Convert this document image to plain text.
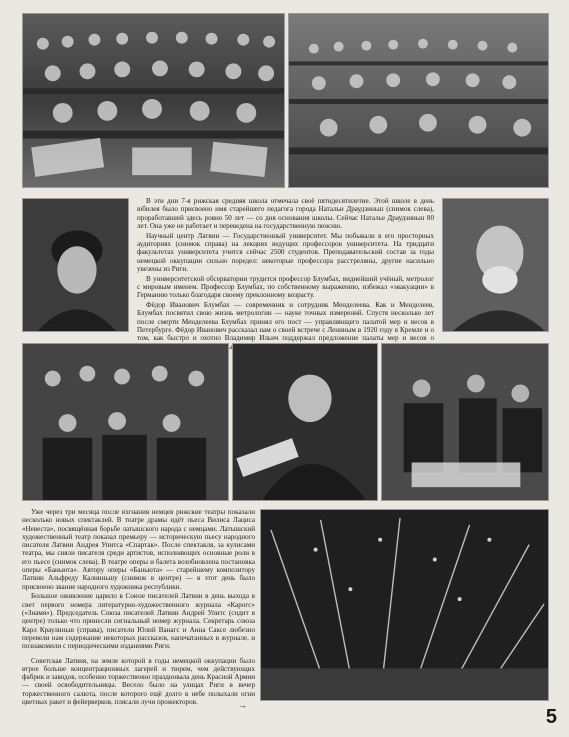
В эти дни 7-я рижская средняя школа отмечала своё пятидесятилетие. Этой школе в день юбилея было присвоено имя старейшего педагога города Натальи Драудзиньш (снимок слева), проработавшей здесь ровно 50 лет — со дня основания школы. Сейчас Наталье Драудзиньш 80 лет. Она уже не работает и переведена на государственную пенсию.

Научный центр Латвии — Государственный университет. Мы побывали в его просторных аудиториях (снимок справа) на лекциях ведущих профессоров университета. На тридцати факультетах университета учится сейчас 2500 студентов. Преподавательский состав за годы немецкой оккупации сильно поредел: некоторые профессора расстреляны, другие насильно увезены из Риги.

В университетской обсерватории трудится профессор Блумбах, виднейший учёный, метролог с мировым именем. Профессор Блумбах, по собственному выражению, избежал «эвакуации» в Германию только благодаря своему преклонному возрасту.

Фёдор Иванович Блумбах — современник и сотрудник Менделеева. Как и Менделеев, Блумбах посвятил свою жизнь метрологии — науке точных измерений. Спустя несколько лет после смерти Менделеева Блумбах принял его пост — управляющего палатой мер и весов в Петербурге. Фёдор Иванович рассказал нам о своей встрече с Лениным в 1920 году в Кремле и о том, как быстро и охотно Владимир Ильич поддержал предложение палаты мер и весов о

Уже через три месяца после изгнания немцев рижские театры показали несколько новых спектаклей. В театре драмы идёт пьеса Вилиса Лациса «Невеста», посвящённая борьбе латышского народа с немцами. Латышский художественный театр показал премьеру — историческую пьесу народного писателя Латвии Андрея Упитса «Спартак». После спектакля, за кулисами театра, мы сняли писателя среди артистов, исполняющих основные роли в его пьесе (снимок слева). В театре оперы и балета возобновлена постановка оперы «Баньюта». Автору оперы «Баньюта» — старейшему композитору Латвии Альфреду Калниньшу (снимок в центре) — в этот день было присвоено звание народного художника республики.

Большое оживление царило в Союзе писателей Латвии в день выхода в свет первого номера литературно-художественного журнала «Карогс» («Знамя»). Председатель Союза писателей Латвии Андрей Упитс (сидит в центре) только что принесли сигнальный номер журнала. Секретарь союза Карл Краулиньш (справа), писатели Юлий Ванагс и Анна Саксе любезно перевели нам содержание некоторых рассказов, напечатанных в журнале, и познакомили с периодическими изданиями Риги.

Советская Латвия, на земле которой в годы немецкой оккупации было втрое больше концентрационных лагерей и тюрем, чем действующих фабрик и заводов, особенно торжественно праздновала день Красной Армии — своей освободительницы. Весело было на улицах Риги в вечер торжественного салюта, после которого ещё долго в небе полыхали огни цветных ракет и фейерверков, плясали лучи прожекторов.	→
5
